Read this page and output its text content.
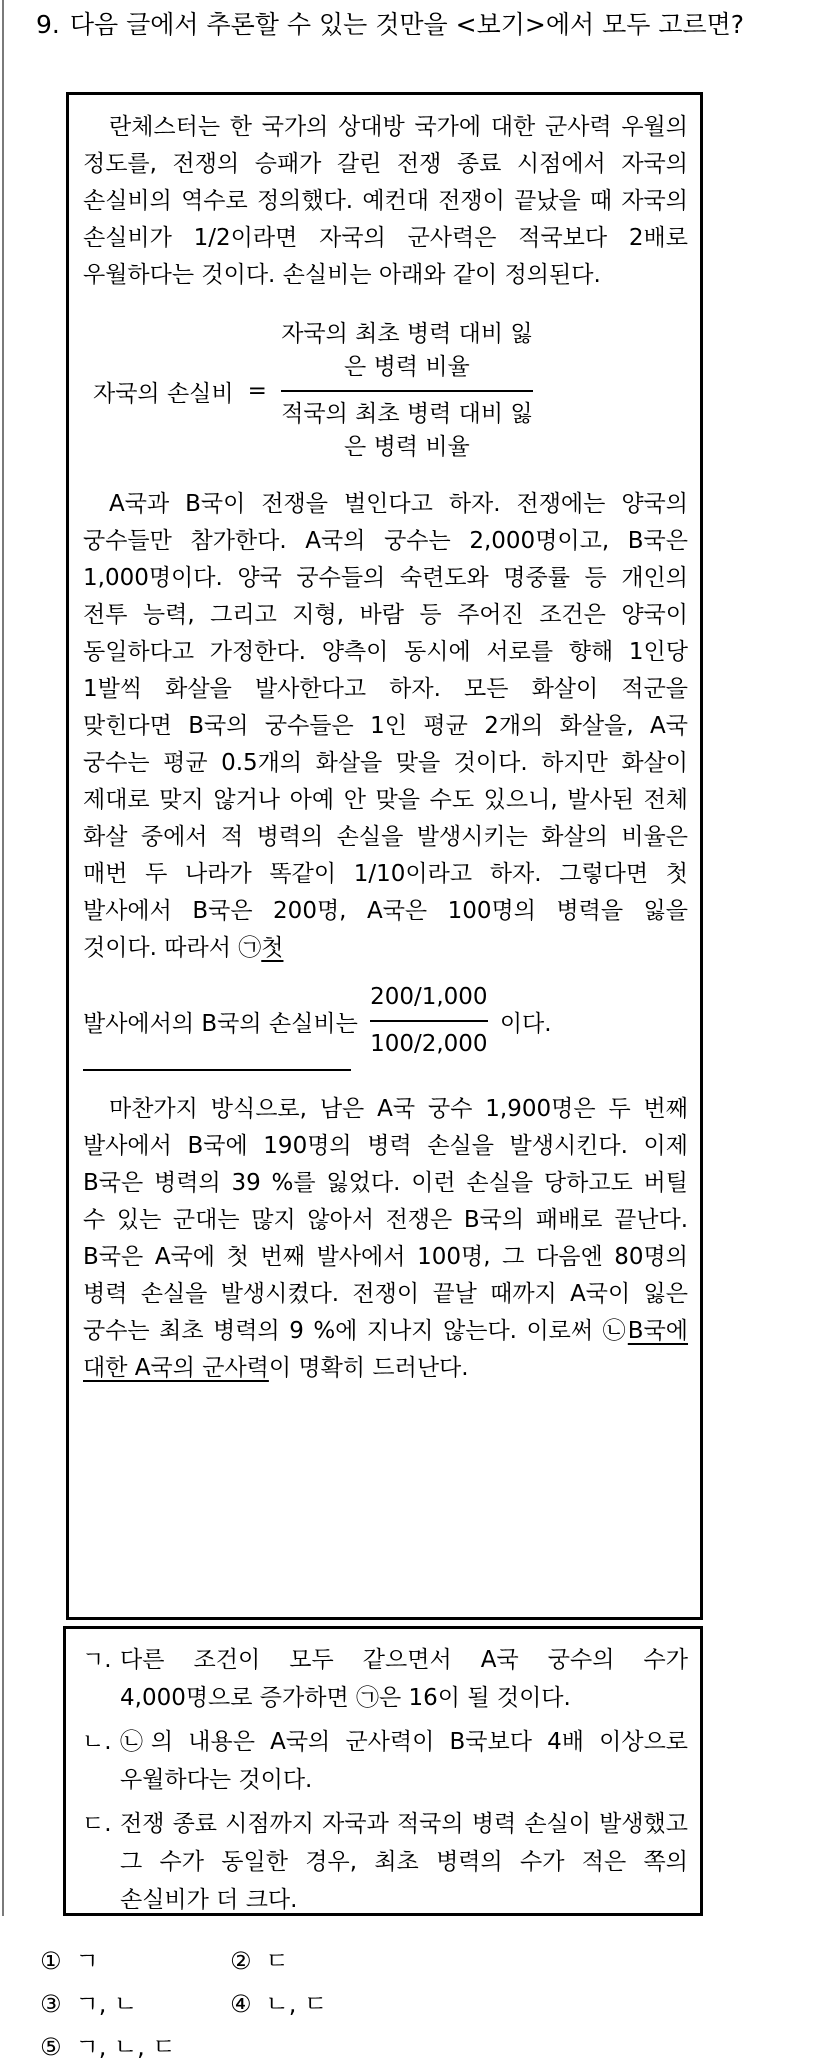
9. 다음 글에서 추론할 수 있는 것만을 <보기>에서 모두 고르면?

란체스터는 한 국가의 상대방 국가에 대한 군사력 우월의 정도를, 전쟁의 승패가 갈린 전쟁 종료 시점에서 자국의 손실비의 역수로 정의했다. 예컨대 전쟁이 끝났을 때 자국의 손실비가 1/2이라면 자국의 군사력은 적국보다 2배로 우월하다는 것이다. 손실비는 아래와 같이 정의된다.

자국의 손실비 = $\frac{\text{자국의 최초 병력 대비 잃은 병력 비율}}{\text{적국의 최초 병력 대비 잃은 병력 비율}}$

A국과 B국이 전쟁을 벌인다고 하자. 전쟁에는 양국의 궁수들만 참가한다. A국의 궁수는 2,000명이고, B국은 1,000명이다. 양국 궁수들의 숙련도와 명중률 등 개인의 전투 능력, 그리고 지형, 바람 등 주어진 조건은 양국이 동일하다고 가정한다. 양측이 동시에 서로를 향해 1인당 1발씩 화살을 발사한다고 하자. 모든 화살이 적군을 맞힌다면 B국의 궁수들은 1인 평균 2개의 화살을, A국 궁수는 평균 0.5개의 화살을 맞을 것이다. 하지만 화살이 제대로 맞지 않거나 아예 안 맞을 수도 있으니, 발사된 전체 화살 중에서 적 병력의 손실을 발생시키는 화살의 비율은 매번 두 나라가 똑같이 1/10이라고 하자. 그렇다면 첫 발사에서 B국은 200명, A국은 100명의 병력을 잃을 것이다. 따라서 ㉠첫

발사에서의 B국의 손실비는 $\frac{200/1,000}{100/2,000}$ 이다.

마찬가지 방식으로, 남은 A국 궁수 1,900명은 두 번째 발사에서 B국에 190명의 병력 손실을 발생시킨다. 이제 B국은 병력의 39 %를 잃었다. 이런 손실을 당하고도 버틸 수 있는 군대는 많지 않아서 전쟁은 B국의 패배로 끝난다. B국은 A국에 첫 번째 발사에서 100명, 그 다음엔 80명의 병력 손실을 발생시켰다. 전쟁이 끝날 때까지 A국이 잃은 궁수는 최초 병력의 9 %에 지나지 않는다. 이로써 ㉡B국에 대한 A국의 군사력이 명확히 드러난다.

ㄱ. 다른 조건이 모두 같으면서 A국 궁수의 수가 4,000명으로 증가하면 ㉠은 16이 될 것이다.
ㄴ. ㉡의 내용은 A국의 군사력이 B국보다 4배 이상으로 우월하다는 것이다.
ㄷ. 전쟁 종료 시점까지 자국과 적국의 병력 손실이 발생했고 그 수가 동일한 경우, 최초 병력의 수가 적은 쪽의 손실비가 더 크다.
① ㄱ	② ㄷ
③ ㄱ, ㄴ	④ ㄴ, ㄷ
⑤ ㄱ, ㄴ, ㄷ
